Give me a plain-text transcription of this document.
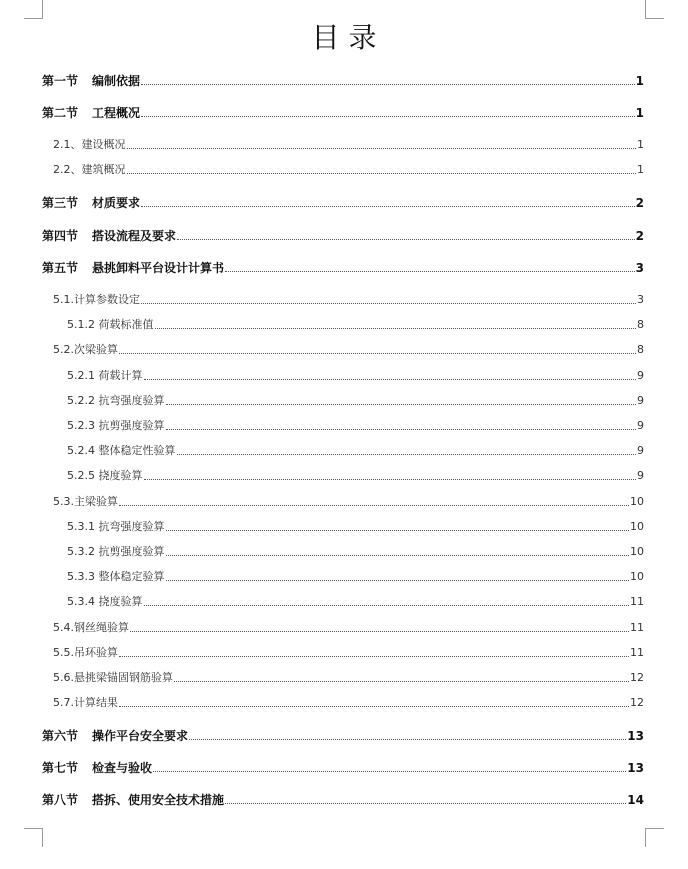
目 录
第一节 编制依据	1
第二节 工程概况	1
2.1、建设概况	1
2.2、建筑概况	1
第三节 材质要求	2
第四节 搭设流程及要求	2
第五节 悬挑卸料平台设计计算书	3
5.1.计算参数设定	3
5.1.2 荷载标准值	8
5.2.次梁验算	8
5.2.1 荷载计算	9
5.2.2 抗弯强度验算	9
5.2.3 抗剪强度验算	9
5.2.4 整体稳定性验算	9
5.2.5 挠度验算	9
5.3.主梁验算	10
5.3.1 抗弯强度验算	10
5.3.2 抗剪强度验算	10
5.3.3 整体稳定验算	10
5.3.4 挠度验算	11
5.4.钢丝绳验算	11
5.5.吊环验算	11
5.6.悬挑梁锚固钢筋验算	12
5.7.计算结果	12
第六节 操作平台安全要求	13
第七节 检查与验收	13
第八节 搭拆、使用安全技术措施	14
